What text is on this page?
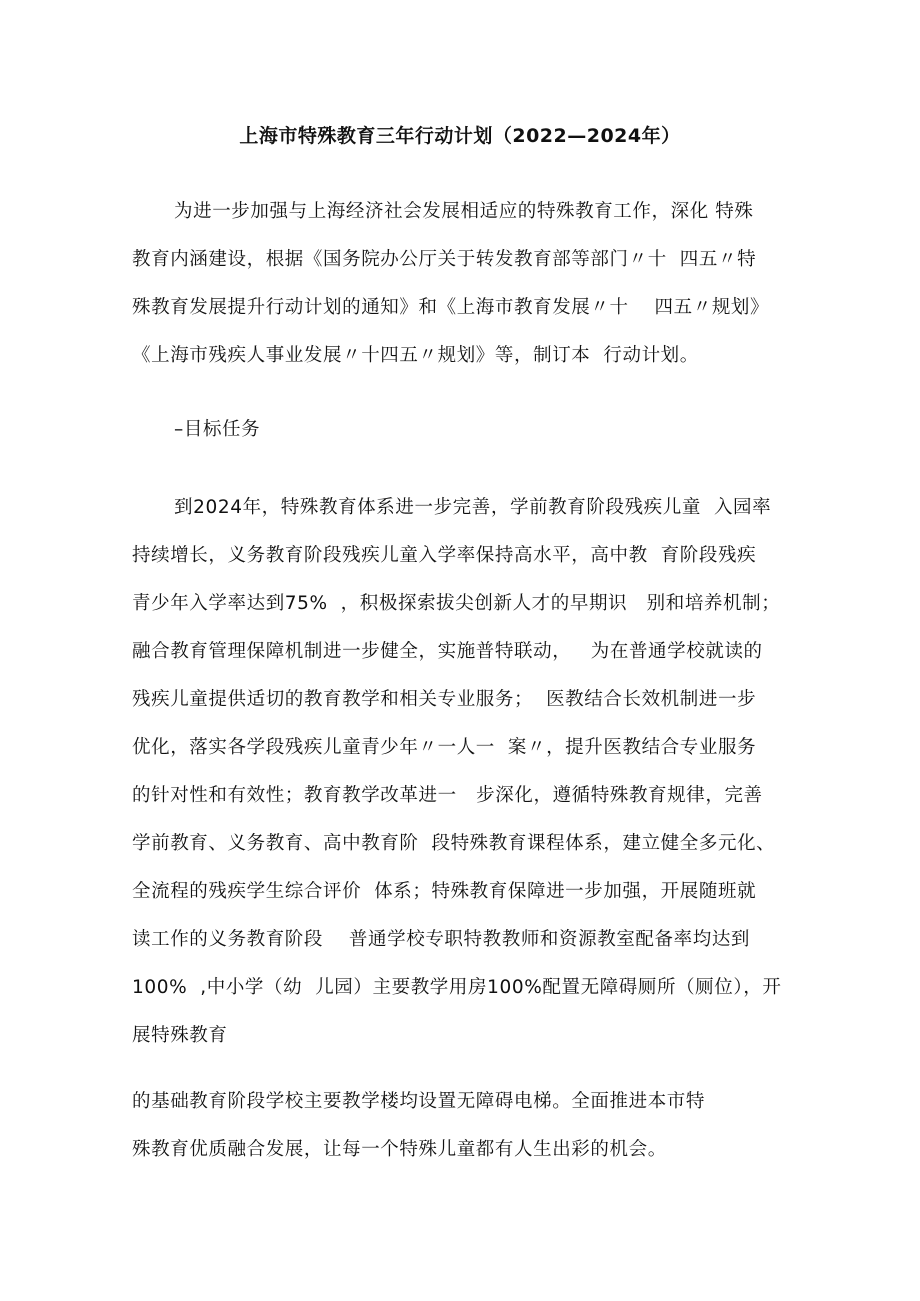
上海市特殊教育三年行动计划（2022—2024年）
为进一步加强与上海经济社会发展相适应的特殊教育工作，深化 特殊
教育内涵建设，根据《国务院办公厅关于转发教育部等部门〃十  四五〃特
殊教育发展提升行动计划的通知》和《上海市教育发展〃十    四五〃规划》
《上海市残疾人事业发展〃十四五〃规划》等，制订本  行动计划。
–目标任务
到2024年，特殊教育体系进一步完善，学前教育阶段残疾儿童  入园率
持续增长，义务教育阶段残疾儿童入学率保持高水平，高中教  育阶段残疾
青少年入学率达到75%  ，积极探索拔尖创新人才的早期识   别和培养机制；
融合教育管理保障机制进一步健全，实施普特联动，   为在普通学校就读的
残疾儿童提供适切的教育教学和相关专业服务；  医教结合长效机制进一步
优化，落实各学段残疾儿童青少年〃一人一  案〃，提升医教结合专业服务
的针对性和有效性；教育教学改革进一   步深化，遵循特殊教育规律，完善
学前教育、义务教育、高中教育阶  段特殊教育课程体系，建立健全多元化、
全流程的残疾学生综合评价  体系；特殊教育保障进一步加强，开展随班就
读工作的义务教育阶段    普通学校专职特教教师和资源教室配备率均达到
100%  ,中小学（幼  儿园）主要教学用房100%配置无障碍厕所（厕位），开
展特殊教育
的基础教育阶段学校主要教学楼均设置无障碍电梯。全面推进本市特
殊教育优质融合发展，让每一个特殊儿童都有人生出彩的机会。
